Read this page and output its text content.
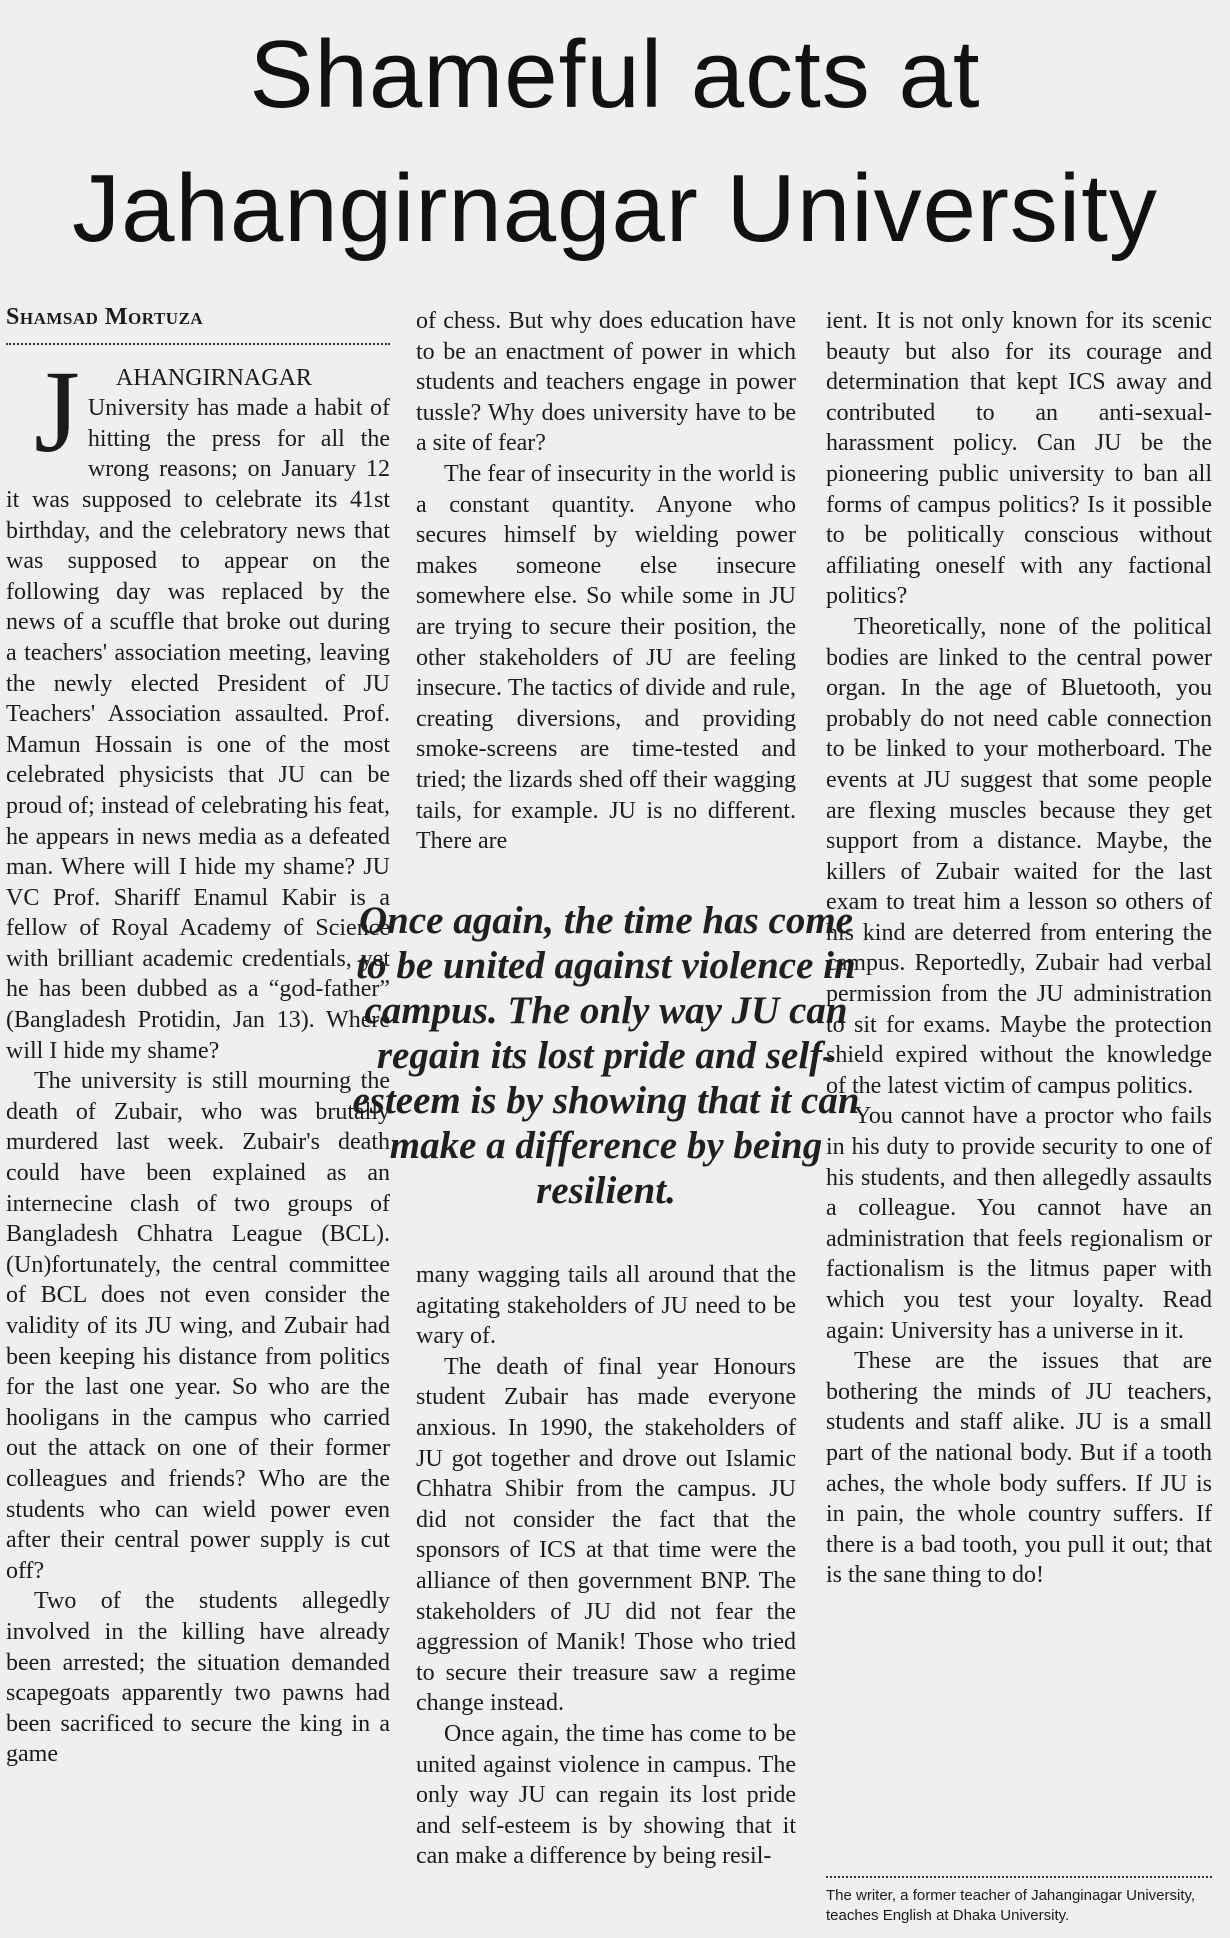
Shameful acts at Jahangirnagar University
Shamsad Mortuza

J AHANGIRNAGAR University has made a habit of hitting the press for all the wrong reasons; on January 12 it was supposed to celebrate its 41st birthday, and the celebratory news that was supposed to appear on the following day was replaced by the news of a scuffle that broke out during a teachers' association meeting, leaving the newly elected President of JU Teachers' Association assaulted. Prof. Mamun Hossain is one of the most celebrated physicists that JU can be proud of; instead of celebrating his feat, he appears in news media as a defeated man. Where will I hide my shame? JU VC Prof. Shariff Enamul Kabir is a fellow of Royal Academy of Science with brilliant academic credentials, yet he has been dubbed as a “god-father” (Bangladesh Protidin, Jan 13). Where will I hide my shame?

The university is still mourning the death of Zubair, who was brutally murdered last week. Zubair's death could have been explained as an internecine clash of two groups of Bangladesh Chhatra League (BCL). (Un)fortunately, the central committee of BCL does not even consider the validity of its JU wing, and Zubair had been keeping his distance from politics for the last one year. So who are the hooligans in the campus who carried out the attack on one of their former colleagues and friends? Who are the students who can wield power even after their central power supply is cut off?

Two of the students allegedly involved in the killing have already been arrested; the situation demanded scapegoats apparently two pawns had been sacrificed to secure the king in a game

of chess. But why does education have to be an enactment of power in which students and teachers engage in power tussle? Why does university have to be a site of fear?

The fear of insecurity in the world is a constant quantity. Anyone who secures himself by wielding power makes someone else insecure somewhere else. So while some in JU are trying to secure their position, the other stakeholders of JU are feeling insecure. The tactics of divide and rule, creating diversions, and providing smoke-screens are time-tested and tried; the lizards shed off their wagging tails, for example. JU is no different. There are

Once again, the time has come to be united against violence in campus. The only way JU can regain its lost pride and self-esteem is by showing that it can make a difference by being resilient.

many wagging tails all around that the agitating stakeholders of JU need to be wary of.

The death of final year Honours student Zubair has made everyone anxious. In 1990, the stakeholders of JU got together and drove out Islamic Chhatra Shibir from the campus. JU did not consider the fact that the sponsors of ICS at that time were the alliance of then government BNP. The stakeholders of JU did not fear the aggression of Manik! Those who tried to secure their treasure saw a regime change instead.

Once again, the time has come to be united against violence in campus. The only way JU can regain its lost pride and self-esteem is by showing that it can make a difference by being resil-

ient. It is not only known for its scenic beauty but also for its courage and determination that kept ICS away and contributed to an anti-sexual-harassment policy. Can JU be the pioneering public university to ban all forms of campus politics? Is it possible to be politically conscious without affiliating oneself with any factional politics?

Theoretically, none of the political bodies are linked to the central power organ. In the age of Bluetooth, you probably do not need cable connection to be linked to your motherboard. The events at JU suggest that some people are flexing muscles because they get support from a distance. Maybe, the killers of Zubair waited for the last exam to treat him a lesson so others of his kind are deterred from entering the campus. Reportedly, Zubair had verbal permission from the JU administration to sit for exams. Maybe the protection shield expired without the knowledge of the latest victim of campus politics.

You cannot have a proctor who fails in his duty to provide security to one of his students, and then allegedly assaults a colleague. You cannot have an administration that feels regionalism or factionalism is the litmus paper with which you test your loyalty. Read again: University has a universe in it.

These are the issues that are bothering the minds of JU teachers, students and staff alike. JU is a small part of the national body. But if a tooth aches, the whole body suffers. If JU is in pain, the whole country suffers. If there is a bad tooth, you pull it out; that is the sane thing to do!

The writer, a former teacher of Jahanginagar University, teaches English at Dhaka University.
